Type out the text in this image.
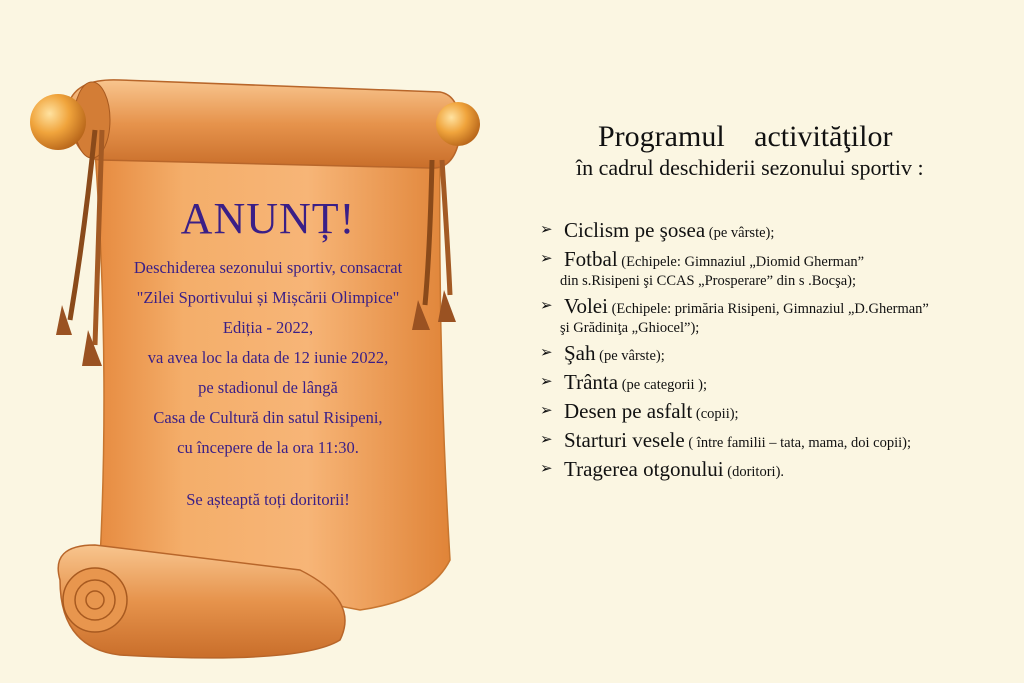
ANUNȚ!
Deschiderea sezonului sportiv, consacrat
"Zilei Sportivului și Mișcării Olimpice"
Ediția - 2022,
va avea loc la data de 12 iunie 2022,
pe stadionul de lângă
Casa de Cultură din satul Risipeni,
cu începere de la ora 11:30.
Se așteaptă toți doritorii!
Programul activităţilor
în cadrul deschiderii sezonului sportiv :
➢ Ciclism pe şosea (pe vârste);
➢ Fotbal (Echipele: Gimnaziul „Diomid Gherman”
din s.Risipeni şi CCAS „Prosperare” din s .Bocşa);
➢ Volei (Echipele: primăria Risipeni, Gimnaziul „D.Gherman”
şi Grădiniţa „Ghiocel”);
➢ Şah (pe vârste);
➢ Trânta (pe categorii );
➢ Desen pe asfalt (copii);
➢ Starturi vesele ( între familii – tata, mama, doi copii);
➢ Tragerea otgonului (doritori).
